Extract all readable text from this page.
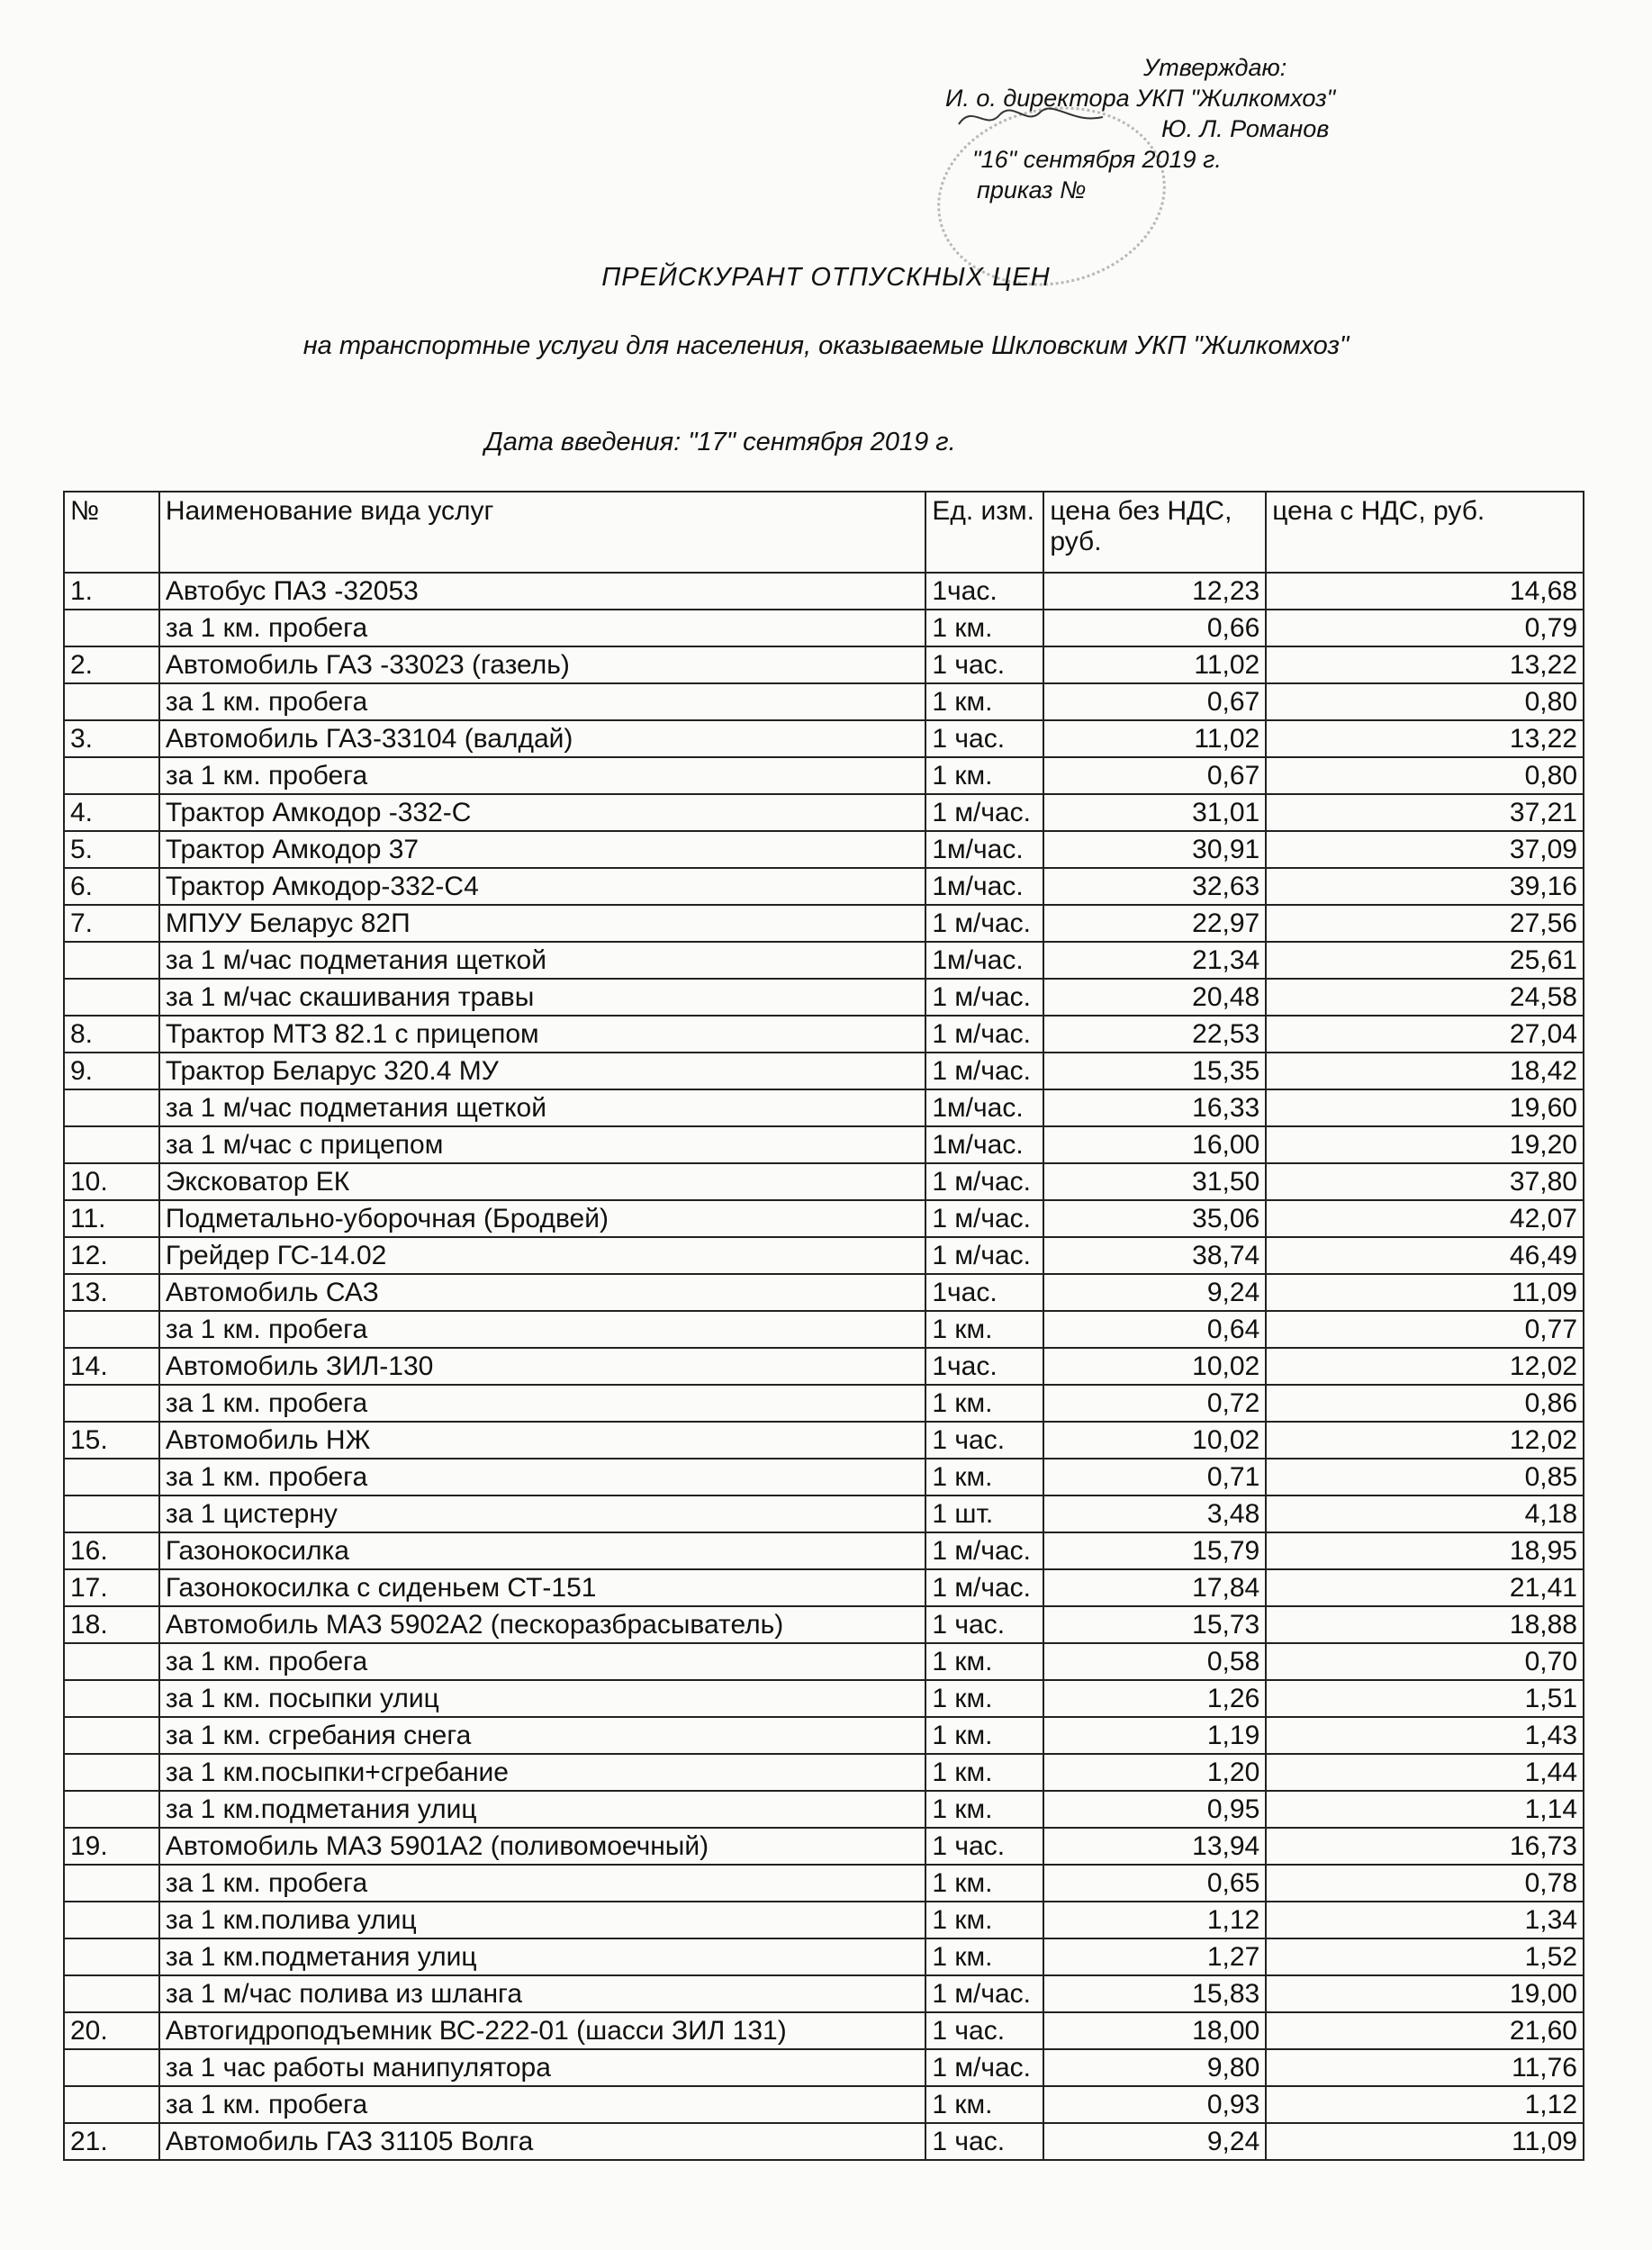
Утверждаю:
И. о. директора УКП "Жилкомхоз"
Ю. Л. Романов
"16" сентября 2019 г.
приказ №
ПРЕЙСКУРАНТ ОТПУСКНЫХ ЦЕН
на транспортные услуги для населения, оказываемые Шкловским УКП "Жилкомхоз"
Дата введения: "17" сентября 2019 г.
№	Наименование вида услуг	Ед. изм.	цена без НДС, руб.	цена с НДС, руб.
1.	Автобус ПАЗ -32053	1час.	12,23	14,68
	за 1 км. пробега	1 км.	0,66	0,79
2.	Автомобиль ГАЗ -33023 (газель)	1 час.	11,02	13,22
	за 1 км. пробега	1 км.	0,67	0,80
3.	Автомобиль ГАЗ-33104 (валдай)	1 час.	11,02	13,22
	за 1 км. пробега	1 км.	0,67	0,80
4.	Трактор Амкодор -332-С	1 м/час.	31,01	37,21
5.	Трактор Амкодор 37	1м/час.	30,91	37,09
6.	Трактор Амкодор-332-С4	1м/час.	32,63	39,16
7.	МПУУ Беларус 82П	1 м/час.	22,97	27,56
	за 1 м/час подметания щеткой	1м/час.	21,34	25,61
	за 1 м/час скашивания травы	1 м/час.	20,48	24,58
8.	Трактор МТЗ 82.1 с прицепом	1 м/час.	22,53	27,04
9.	Трактор Беларус 320.4 МУ	1 м/час.	15,35	18,42
	за 1 м/час подметания щеткой	1м/час.	16,33	19,60
	за 1 м/час с прицепом	1м/час.	16,00	19,20
10.	Эксковатор ЕК	1 м/час.	31,50	37,80
11.	Подметально-уборочная (Бродвей)	1 м/час.	35,06	42,07
12.	Грейдер ГС-14.02	1 м/час.	38,74	46,49
13.	Автомобиль САЗ	1час.	9,24	11,09
	за 1 км. пробега	1 км.	0,64	0,77
14.	Автомобиль ЗИЛ-130	1час.	10,02	12,02
	за 1 км. пробега	1 км.	0,72	0,86
15.	Автомобиль НЖ	1 час.	10,02	12,02
	за 1 км. пробега	1 км.	0,71	0,85
	за 1 цистерну	1 шт.	3,48	4,18
16.	Газонокосилка	1 м/час.	15,79	18,95
17.	Газонокосилка с сиденьем СТ-151	1 м/час.	17,84	21,41
18.	Автомобиль МАЗ 5902А2 (пескоразбрасыватель)	1 час.	15,73	18,88
	за 1 км. пробега	1 км.	0,58	0,70
	за 1 км. посыпки улиц	1 км.	1,26	1,51
	за 1 км. сгребания снега	1 км.	1,19	1,43
	за 1 км.посыпки+сгребание	1 км.	1,20	1,44
	за 1 км.подметания улиц	1 км.	0,95	1,14
19.	Автомобиль МАЗ 5901А2 (поливомоечный)	1 час.	13,94	16,73
	за 1 км. пробега	1 км.	0,65	0,78
	за 1 км.полива улиц	1 км.	1,12	1,34
	за 1 км.подметания улиц	1 км.	1,27	1,52
	за 1 м/час полива из шланга	1 м/час.	15,83	19,00
20.	Автогидроподъемник ВС-222-01 (шасси ЗИЛ 131)	1 час.	18,00	21,60
	за 1 час работы манипулятора	1 м/час.	9,80	11,76
	за 1 км. пробега	1 км.	0,93	1,12
21.	Автомобиль ГАЗ 31105 Волга	1 час.	9,24	11,09
